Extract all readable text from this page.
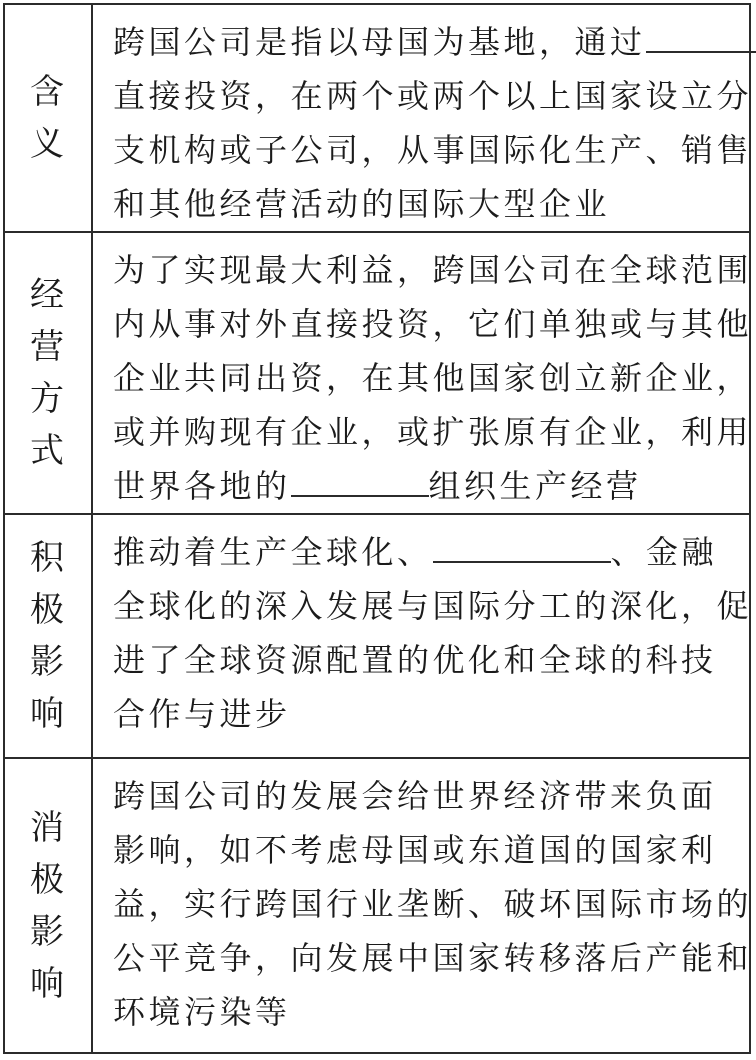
含义
跨国公司是指以母国为基地，通过
直接投资，在两个或两个以上国家设立分
支机构或子公司，从事国际化生产、销售
和其他经营活动的国际大型企业
经营方式
为了实现最大利益，跨国公司在全球范围
内从事对外直接投资，它们单独或与其他
企业共同出资，在其他国家创立新企业，
或并购现有企业，或扩张原有企业，利用
世界各地的	组织生产经营
积极影响
推动着生产全球化、	、金融
全球化的深入发展与国际分工的深化，促
进了全球资源配置的优化和全球的科技
合作与进步
消极影响
跨国公司的发展会给世界经济带来负面
影响，如不考虑母国或东道国的国家利
益，实行跨国行业垄断、破坏国际市场的
公平竞争，向发展中国家转移落后产能和
环境污染等
